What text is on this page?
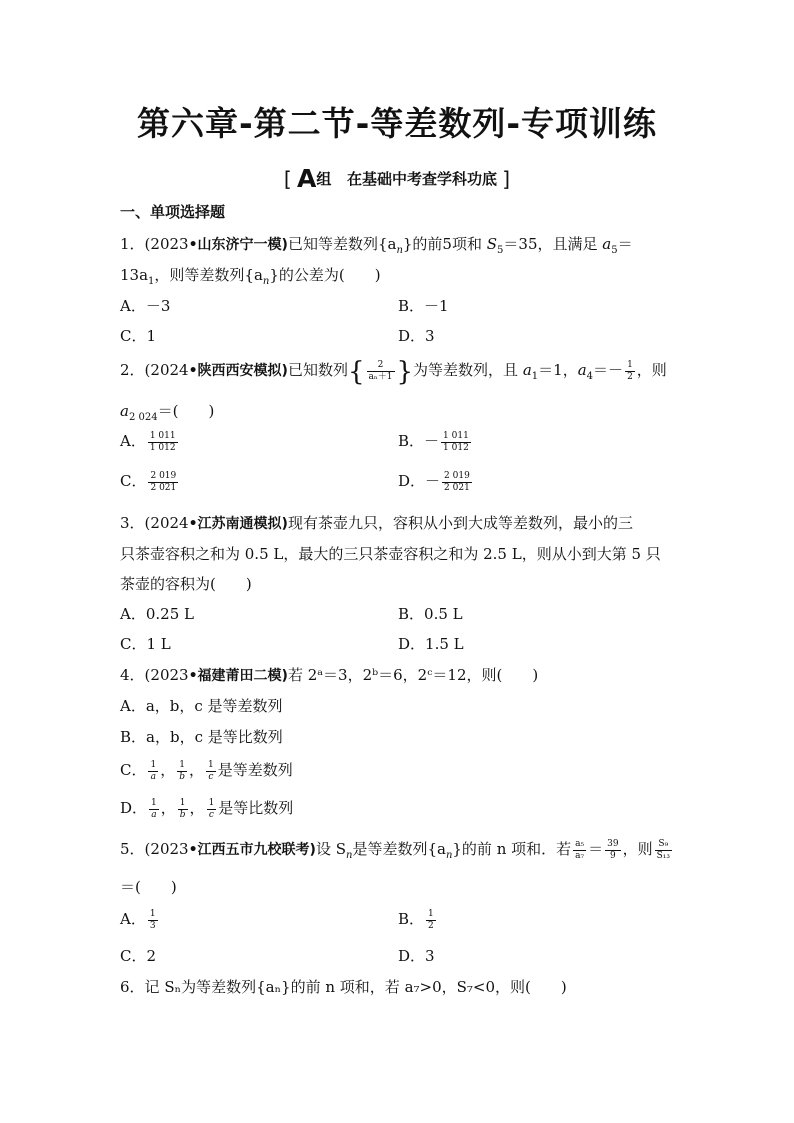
第六章-第二节-等差数列-专项训练
[ A组 在基础中考查学科功底 ]
一、单项选择题
1．(2023•山东济宁一模)已知等差数列$\{a_n\}$的前5项和 $S_5=35$，且满足 $a_5=$
$13a_1$，则等差数列$\{a_n\}$的公差为(　　)
A．－3	B．－1
C．1	D．3
2．(2024•陕西西安模拟)已知数列{ $\frac{2}{\text{aₙ＋1}}$ }为等差数列，且 $a_1=1$，$a_4=- \frac{1}{2}$ ，则
$a_{2 024}=$(　　)
A． $\frac{1 011}{1 012}$	B．－ $\frac{1 011}{1 012}$
C． $\frac{2 019}{2 021}$	D．－ $\frac{2 019}{2 021}$
3．(2024•江苏南通模拟)现有茶壶九只，容积从小到大成等差数列，最小的三
只茶壶容积之和为 0.5 L，最大的三只茶壶容积之和为 2.5 L，则从小到大第 5 只
茶壶的容积为(　　)
A．0.25 L	B．0.5 L
C．1 L	D．1.5 L
4．(2023•福建莆田二模)若 2ᵃ＝3，2ᵇ＝6，2ᶜ＝12，则(　　)
A．a，b，c 是等差数列
B．a，b，c 是等比数列
C． $\frac{1}{a}$ ， $\frac{1}{b}$ ， $\frac{1}{c}$ 是等差数列
D． $\frac{1}{a}$ ， $\frac{1}{b}$ ， $\frac{1}{c}$ 是等比数列
5．(2023•江西五市九校联考)设 $S_n$是等差数列$\{a_n\}$的前 n 项和．若 $\frac{\text{a₅}}{\text{a₇}} = \frac{39}{9}$ ，则 $\frac{\text{S₉}}{\text{S₁₃}}$
＝(　　)
A． $\frac{1}{3}$	B． $\frac{1}{2}$
C．2	D．3
6．记 Sₙ为等差数列{aₙ}的前 n 项和，若 a₇>0，S₇<0，则(　　)
